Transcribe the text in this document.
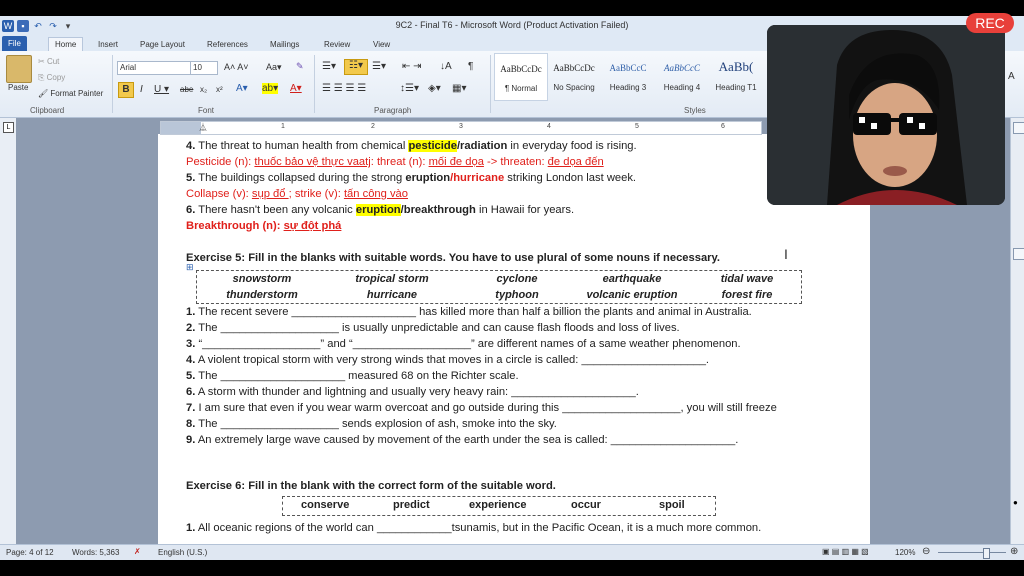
W	▪	↶ ↷ ▾	9C2 - Final T6 - Microsoft Word (Product Activation Failed)
File	Home	Insert	Page Layout	References	Mailings	Review	View
Paste
✂ Cut
⎘ Copy
🖌 Format Painter
Clipboard
Arial	10	A˄ A˅ Aa▾ ✎
B	I U ▾ abe x₂ x² A▾ ab▾ A▾
Font
☰▾	☷▾ ☰▾ ⇤ ⇥ ↓A ¶
☰ ☰ ☰ ☰	↕☰▾ ◈▾ ▦▾
Paragraph
AaBbCcDc
¶ Normal
AaBbCcDc
No Spacing
AaBbCcC
Heading 3
AaBbCcC
Heading 4
AaBb(
Heading T1
Styles
A
L	⏅	1	2	3	4	5	6
4. The threat to human health from chemical pesticide/radiation in everyday food is rising.
Pesticide (n): thuốc bảo vệ thực vaatj: threat (n): mối đe dọa -> threaten: đe dọa đến
5. The buildings collapsed during the strong eruption/hurricane striking London last week.
Collapse (v): sụp đổ ; strike (v): tấn công vào
6. There hasn't been any volcanic eruption/breakthrough in Hawaii for years.
Breakthrough (n): sự đột phá
Exercise 5: Fill in the blanks with suitable words. You have to use plural of some nouns if necessary.
⊞
snowstorm	tropical storm	cyclone	earthquake	tidal wave
thunderstorm	hurricane	typhoon	volcanic eruption	forest fire
1. The recent severe ____________________ has killed more than half a billion the plants and animal in Australia.
2. The ___________________ is usually unpredictable and can cause flash floods and loss of lives.
3. “___________________” and “___________________” are different names of a same weather phenomenon.
4. A violent tropical storm with very strong winds that moves in a circle is called: ____________________.
5. The ____________________ measured 68 on the Richter scale.
6. A storm with thunder and lightning and usually very heavy rain: ____________________.
7. I am sure that even if you wear warm overcoat and go outside during this ___________________, you will still freeze
8. The ___________________ sends explosion of ash, smoke into the sky.
9. An extremely large wave caused by movement of the earth under the sea is called: ____________________.
Exercise 6: Fill in the blank with the correct form of the suitable word.
conserve	predict	experience	occur	spoil
1. All oceanic regions of the world can ____________tsunamis, but in the Pacific Ocean, it is a much more common.
I
●
Page: 4 of 12 Words: 5,363 ✗ English (U.S.)	▣ ▤ ▥ ▦ ▧	120% ⊖	⊕
REC
